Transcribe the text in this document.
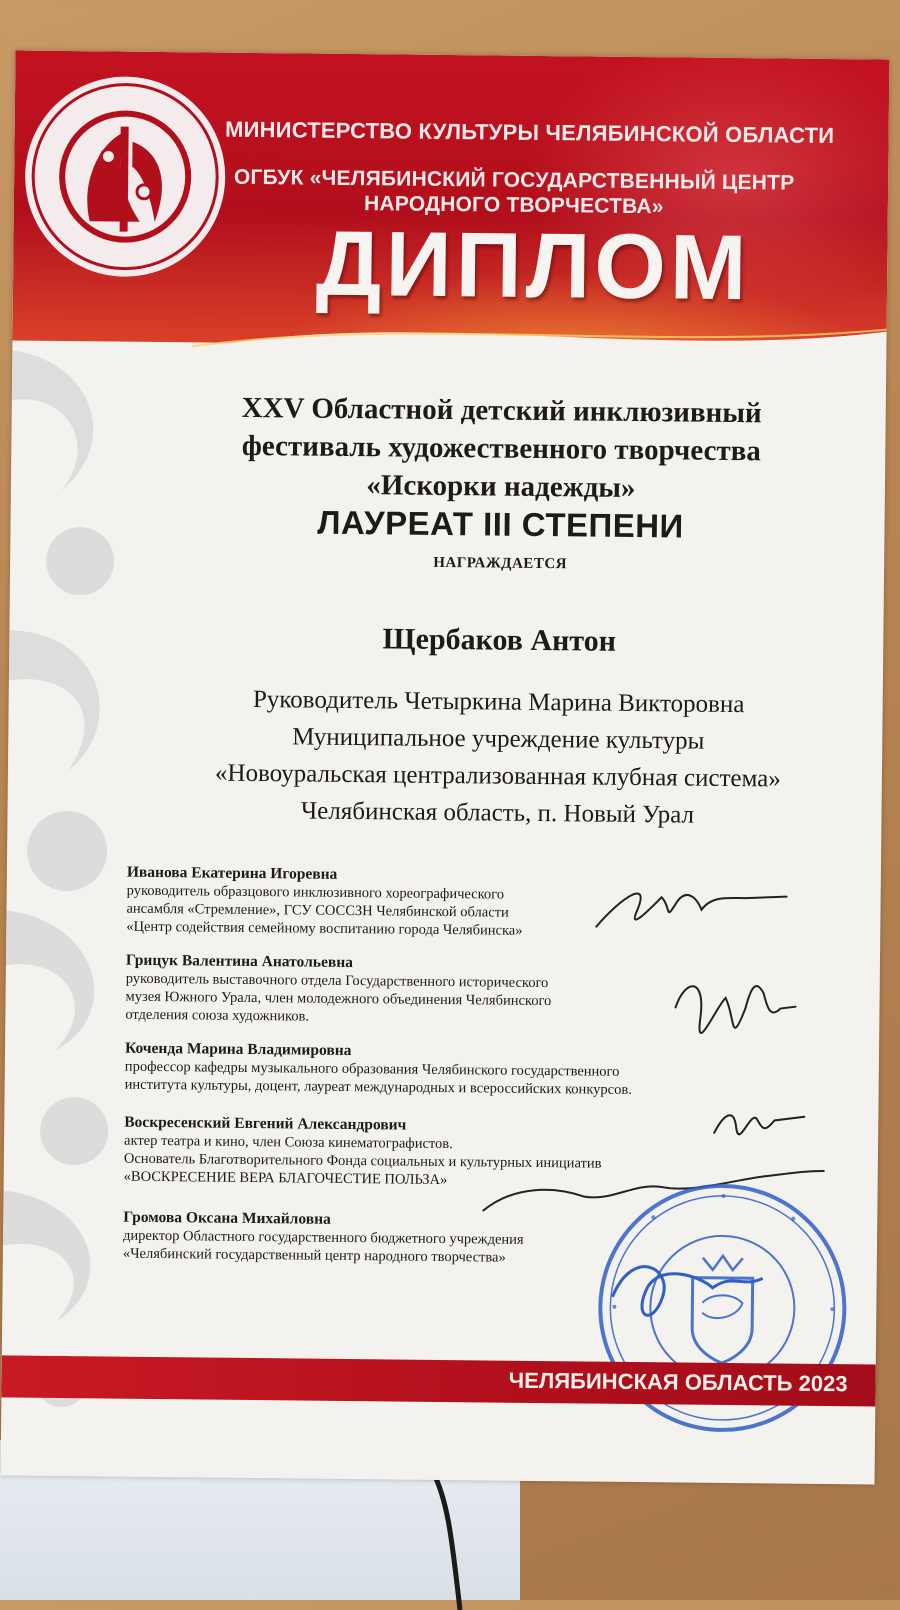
МИНИСТЕРСТВО КУЛЬТУРЫ ЧЕЛЯБИНСКОЙ ОБЛАСТИ
ОГБУК «ЧЕЛЯБИНСКИЙ ГОСУДАРСТВЕННЫЙ ЦЕНТР НАРОДНОГО ТВОРЧЕСТВА»
ДИПЛОМ
XXV Областной детский инклюзивный
фестиваль художественного творчества
«Искорки надежды»
ЛАУРЕАТ III СТЕПЕНИ
НАГРАЖДАЕТСЯ
Щербаков Антон
Руководитель Четыркина Марина Викторовна
Муниципальное учреждение культуры
«Новоуральская централизованная клубная система»
Челябинская область, п. Новый Урал
Иванова Екатерина Игоревна
руководитель образцового инклюзивного хореографического
ансамбля «Стремление», ГСУ СОССЗН Челябинской области
«Центр содействия семейному воспитанию города Челябинска»
Грицук Валентина Анатольевна
руководитель выставочного отдела Государственного исторического
музея Южного Урала, член молодежного объединения Челябинского
отделения союза художников.
Коченда Марина Владимировна
профессор кафедры музыкального образования Челябинского государственного
института культуры, доцент, лауреат международных и всероссийских конкурсов.
Воскресенский Евгений Александрович
актер театра и кино, член Союза кинематографистов.
Основатель Благотворительного Фонда социальных и культурных инициатив
«ВОСКРЕСЕНИЕ ВЕРА БЛАГОЧЕСТИЕ ПОЛЬЗА»
Громова Оксана Михайловна
директор Областного государственного бюджетного учреждения
«Челябинский государственный центр народного творчества»
ЧЕЛЯБИНСКАЯ ОБЛАСТЬ 2023
